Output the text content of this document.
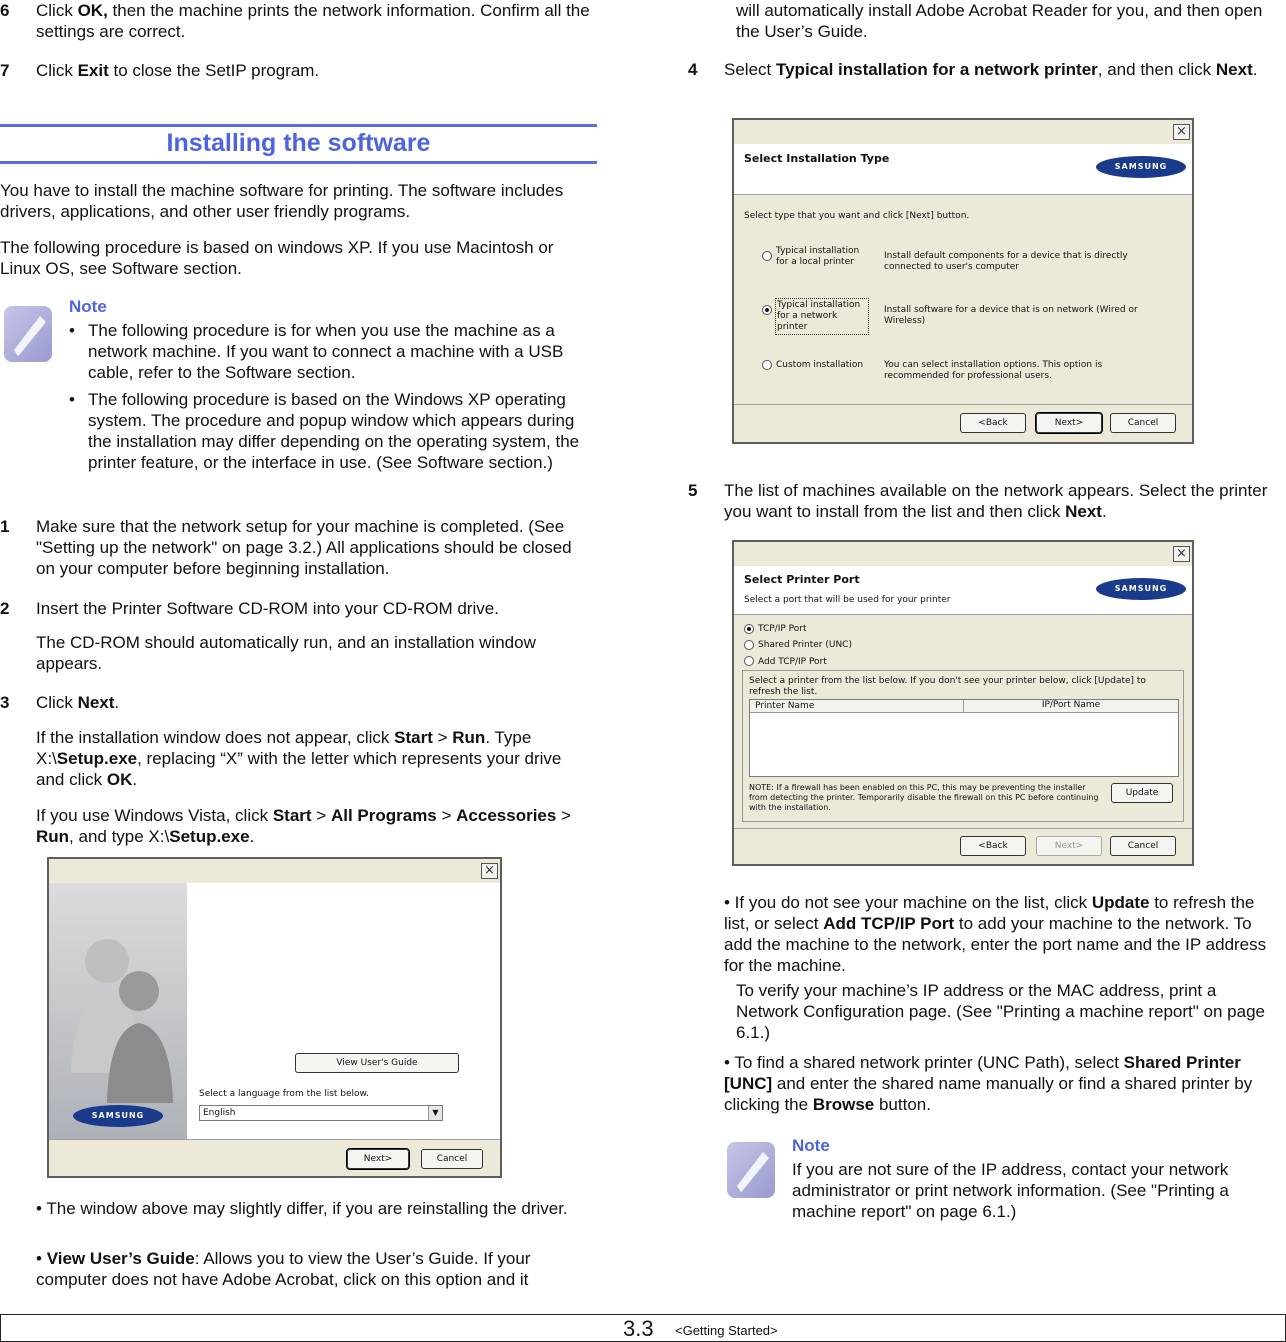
6 Click OK, then the machine prints the network information. Confirm all the settings are correct.
7 Click Exit to close the SetIP program.
Installing the software
You have to install the machine software for printing. The software includes drivers, applications, and other user friendly programs.
The following procedure is based on windows XP. If you use Macintosh or Linux OS, see Software section.
Note
• The following procedure is for when you use the machine as a network machine. If you want to connect a machine with a USB cable, refer to the Software section.
• The following procedure is based on the Windows XP operating system. The procedure and popup window which appears during the installation may differ depending on the operating system, the printer feature, or the interface in use. (See Software section.)
1 Make sure that the network setup for your machine is completed. (See "Setting up the network" on page 3.2.) All applications should be closed on your computer before beginning installation.
2 Insert the Printer Software CD-ROM into your CD-ROM drive.
The CD-ROM should automatically run, and an installation window appears.
3 Click Next.
If the installation window does not appear, click Start > Run. Type X:\Setup.exe, replacing “X” with the letter which represents your drive and click OK.
If you use Windows Vista, click Start > All Programs > Accessories > Run, and type X:\Setup.exe.
×
SAMSUNG
View User's Guide
Select a language from the list below.
English	▼
Next>	Cancel
• The window above may slightly differ, if you are reinstalling the driver.
• View User’s Guide: Allows you to view the User’s Guide. If your computer does not have Adobe Acrobat, click on this option and it
will automatically install Adobe Acrobat Reader for you, and then open the User’s Guide.
4 Select Typical installation for a network printer, and then click Next.
×
Select Installation Type
SAMSUNG
Select type that you want and click [Next] button.
Typical installation for a local printer
Install default components for a device that is directly connected to user's computer
Typical installation for a network printer
Install software for a device that is on network (Wired or Wireless)
Custom installation You can select installation options. This option is recommended for professional users.
<Back	Next>	Cancel
5 The list of machines available on the network appears. Select the printer you want to install from the list and then click Next.
×
Select Printer Port
Select a port that will be used for your printer
SAMSUNG
TCP/IP Port
Shared Printer (UNC)
Add TCP/IP Port
Select a printer from the list below. If you don't see your printer below, click [Update] to refresh the list.
Printer Name	IP/Port Name
NOTE: If a firewall has been enabled on this PC, this may be preventing the installer from detecting the printer. Temporarily disable the firewall on this PC before continuing with the installation.
Update
<Back	Next>	Cancel
• If you do not see your machine on the list, click Update to refresh the list, or select Add TCP/IP Port to add your machine to the network. To add the machine to the network, enter the port name and the IP address for the machine.
To verify your machine’s IP address or the MAC address, print a Network Configuration page. (See "Printing a machine report" on page 6.1.)
• To find a shared network printer (UNC Path), select Shared Printer [UNC] and enter the shared name manually or find a shared printer by clicking the Browse button.
Note
If you are not sure of the IP address, contact your network administrator or print network information. (See "Printing a machine report" on page 6.1.)
3.3 <Getting Started>
